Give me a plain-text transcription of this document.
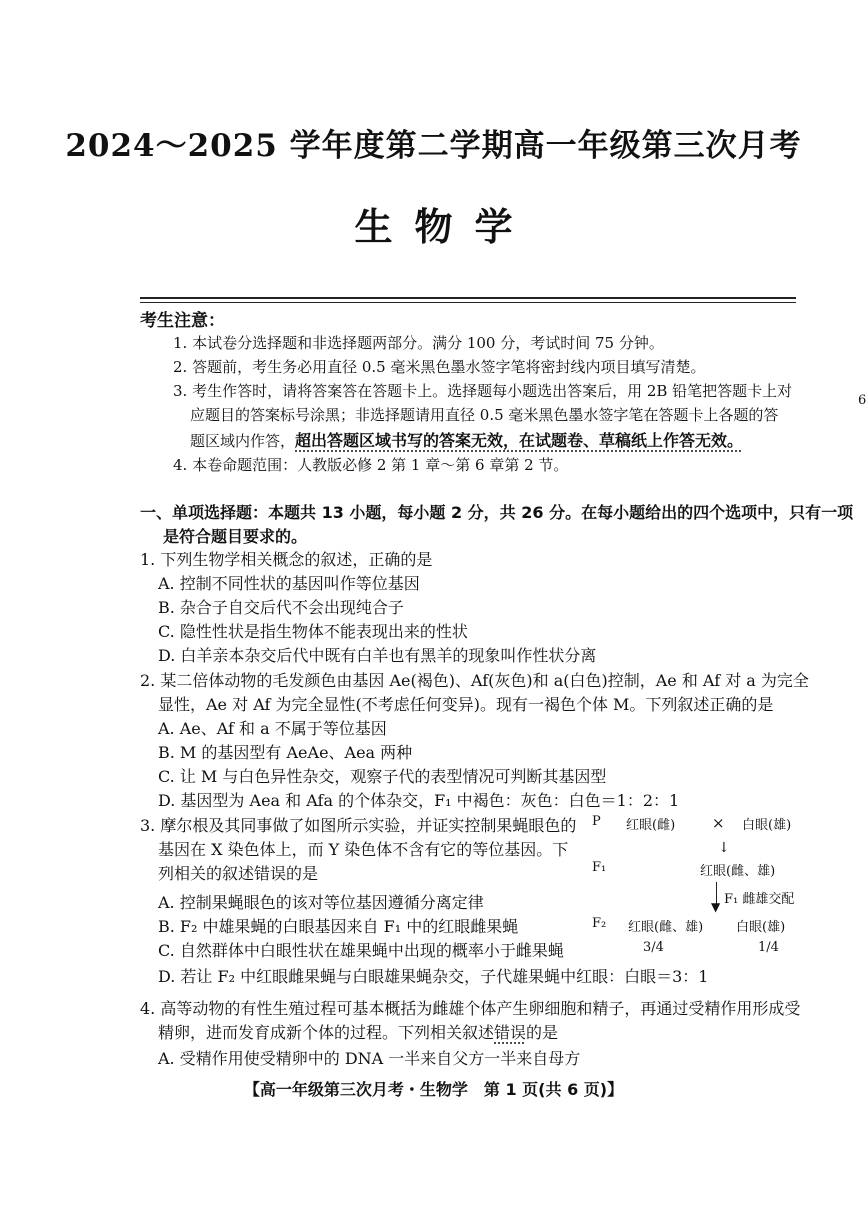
2024～2025 学年度第二学期高一年级第三次月考
生物学
考生注意：
1. 本试卷分选择题和非选择题两部分。满分 100 分，考试时间 75 分钟。
2. 答题前，考生务必用直径 0.5 毫米黑色墨水签字笔将密封线内项目填写清楚。
3. 考生作答时，请将答案答在答题卡上。选择题每小题选出答案后，用 2B 铅笔把答题卡上对
应题目的答案标号涂黑；非选择题请用直径 0.5 毫米黑色墨水签字笔在答题卡上各题的答
题区域内作答，超出答题区域书写的答案无效，在试题卷、草稿纸上作答无效。
4. 本卷命题范围：人教版必修 2 第 1 章～第 6 章第 2 节。
6
一、单项选择题：本题共 13 小题，每小题 2 分，共 26 分。在每小题给出的四个选项中，只有一项
是符合题目要求的。
1. 下列生物学相关概念的叙述，正确的是
A. 控制不同性状的基因叫作等位基因
B. 杂合子自交后代不会出现纯合子
C. 隐性性状是指生物体不能表现出来的性状
D. 白羊亲本杂交后代中既有白羊也有黑羊的现象叫作性状分离
2. 某二倍体动物的毛发颜色由基因 Ae(褐色)、Af(灰色)和 a(白色)控制，Ae 和 Af 对 a 为完全
显性，Ae 对 Af 为完全显性(不考虑任何变异)。现有一褐色个体 M。下列叙述正确的是
A. Ae、Af 和 a 不属于等位基因
B. M 的基因型有 AeAe、Aea 两种
C. 让 M 与白色异性杂交，观察子代的表型情况可判断其基因型
D. 基因型为 Aea 和 Afa 的个体杂交，F₁ 中褐色：灰色：白色＝1：2：1
3. 摩尔根及其同事做了如图所示实验，并证实控制果蝇眼色的
基因在 X 染色体上，而 Y 染色体不含有它的等位基因。下
列相关的叙述错误的是
A. 控制果蝇眼色的该对等位基因遵循分离定律
B. F₂ 中雄果蝇的白眼基因来自 F₁ 中的红眼雌果蝇
C. 自然群体中白眼性状在雄果蝇中出现的概率小于雌果蝇
D. 若让 F₂ 中红眼雌果蝇与白眼雄果蝇杂交，子代雄果蝇中红眼：白眼＝3：1
P 红眼(雌) × 白眼(雄)
↓
F₁	红眼(雌、雄)
▼ F₁ 雌雄交配
F₂ 红眼(雌、雄)	白眼(雄)
3/4	1/4
4. 高等动物的有性生殖过程可基本概括为雌雄个体产生卵细胞和精子，再通过受精作用形成受
精卵，进而发育成新个体的过程。下列相关叙述错误的是
A. 受精作用使受精卵中的 DNA 一半来自父方一半来自母方
【高一年级第三次月考・生物学　第 1 页(共 6 页)】
